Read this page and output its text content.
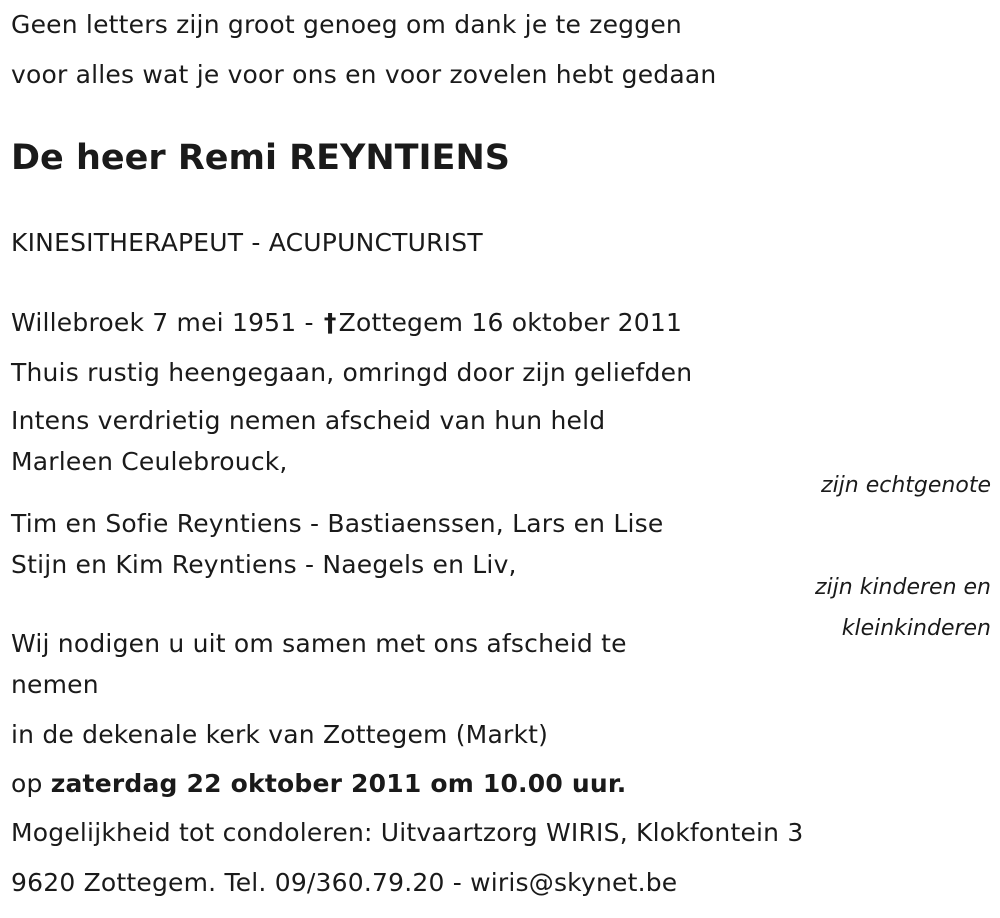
Geen letters zijn groot genoeg om dank je te zeggen
voor alles wat je voor ons en voor zovelen hebt gedaan
De heer Remi REYNTIENS
KINESITHERAPEUT - ACUPUNCTURIST
Willebroek 7 mei 1951 - †Zottegem 16 oktober 2011
Thuis rustig heengegaan, omringd door zijn geliefden
Intens verdrietig nemen afscheid van hun held
Marleen Ceulebrouck,
zijn echtgenote
Tim en Sofie Reyntiens - Bastiaenssen, Lars en Lise
Stijn en Kim Reyntiens - Naegels en Liv,
zijn kinderen en
kleinkinderen
Wij nodigen u uit om samen met ons afscheid te
nemen
in de dekenale kerk van Zottegem (Markt)
op zaterdag 22 oktober 2011 om 10.00 uur.
Mogelijkheid tot condoleren: Uitvaartzorg WIRIS, Klokfontein 3
9620 Zottegem. Tel. 09/360.79.20 - wiris@skynet.be
